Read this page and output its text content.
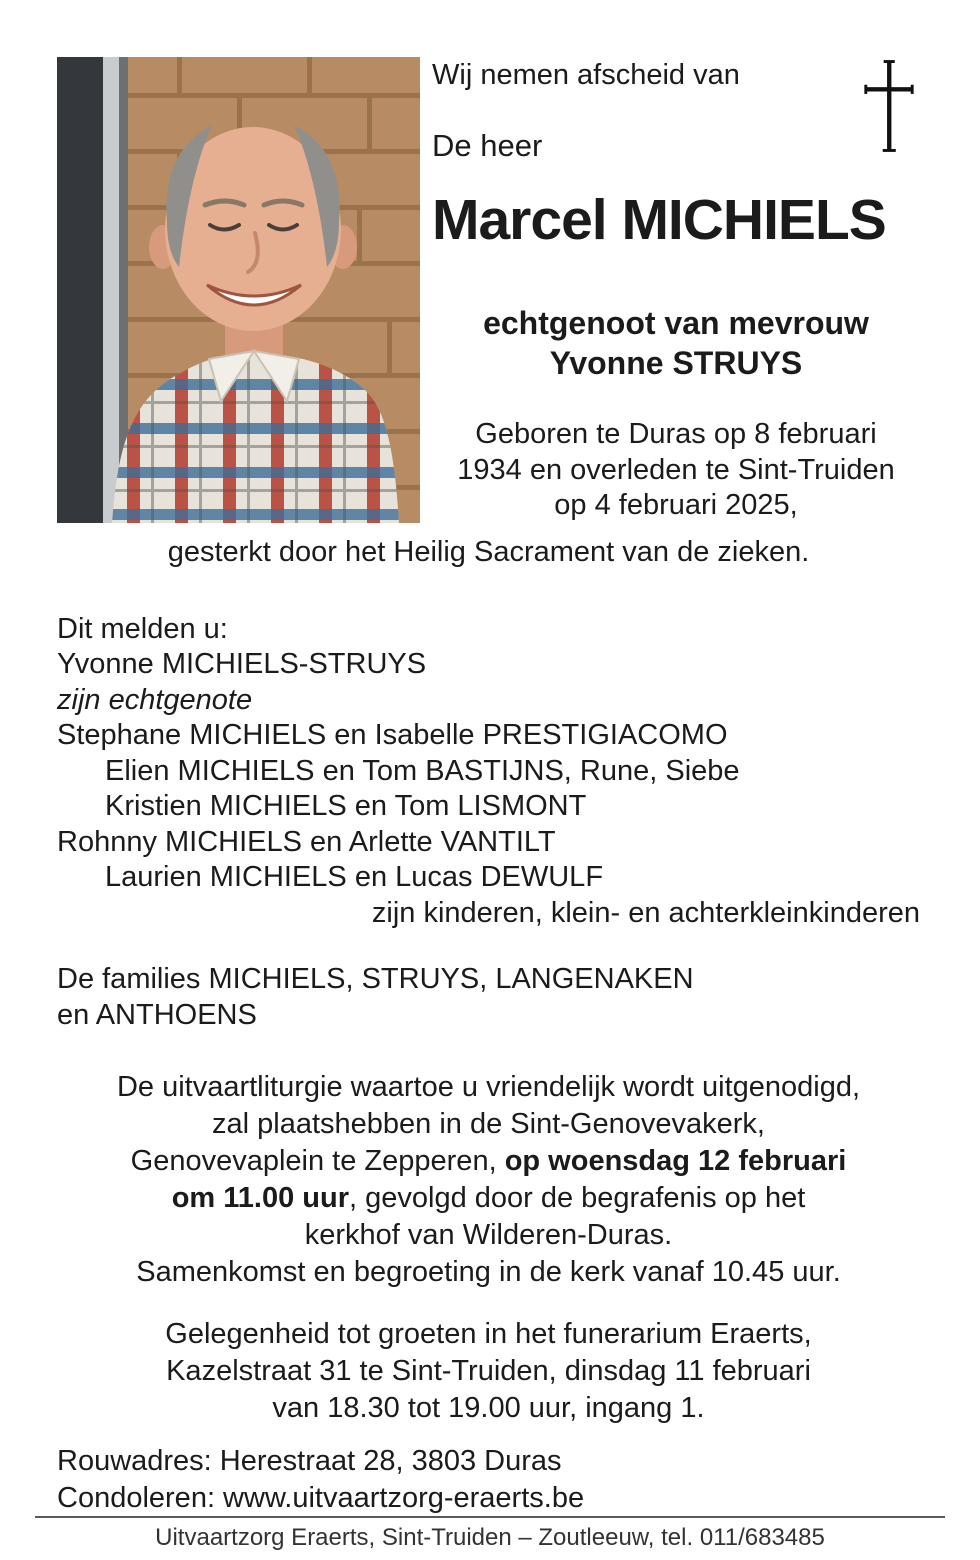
Wij nemen afscheid van
De heer
Marcel MICHIELS
echtgenoot van mevrouw
Yvonne STRUYS
Geboren te Duras op 8 februari
1934 en overleden te Sint-Truiden
op 4 februari 2025,
gesterkt door het Heilig Sacrament van de zieken.
Dit melden u:
Yvonne MICHIELS-STRUYS
zijn echtgenote
Stephane MICHIELS en Isabelle PRESTIGIACOMO
Elien MICHIELS en Tom BASTIJNS, Rune, Siebe
Kristien MICHIELS en Tom LISMONT
Rohnny MICHIELS en Arlette VANTILT
Laurien MICHIELS en Lucas DEWULF
zijn kinderen, klein- en achterkleinkinderen
De families MICHIELS, STRUYS, LANGENAKEN
en ANTHOENS
De uitvaartliturgie waartoe u vriendelijk wordt uitgenodigd,
zal plaatshebben in de Sint-Genovevakerk,
Genovevaplein te Zepperen, op woensdag 12 februari
om 11.00 uur, gevolgd door de begrafenis op het
kerkhof van Wilderen-Duras.
Samenkomst en begroeting in de kerk vanaf 10.45 uur.
Gelegenheid tot groeten in het funerarium Eraerts,
Kazelstraat 31 te Sint-Truiden, dinsdag 11 februari
van 18.30 tot 19.00 uur, ingang 1.
Rouwadres: Herestraat 28, 3803 Duras
Condoleren: www.uitvaartzorg-eraerts.be
Uitvaartzorg Eraerts, Sint-Truiden – Zoutleeuw, tel. 011/683485
